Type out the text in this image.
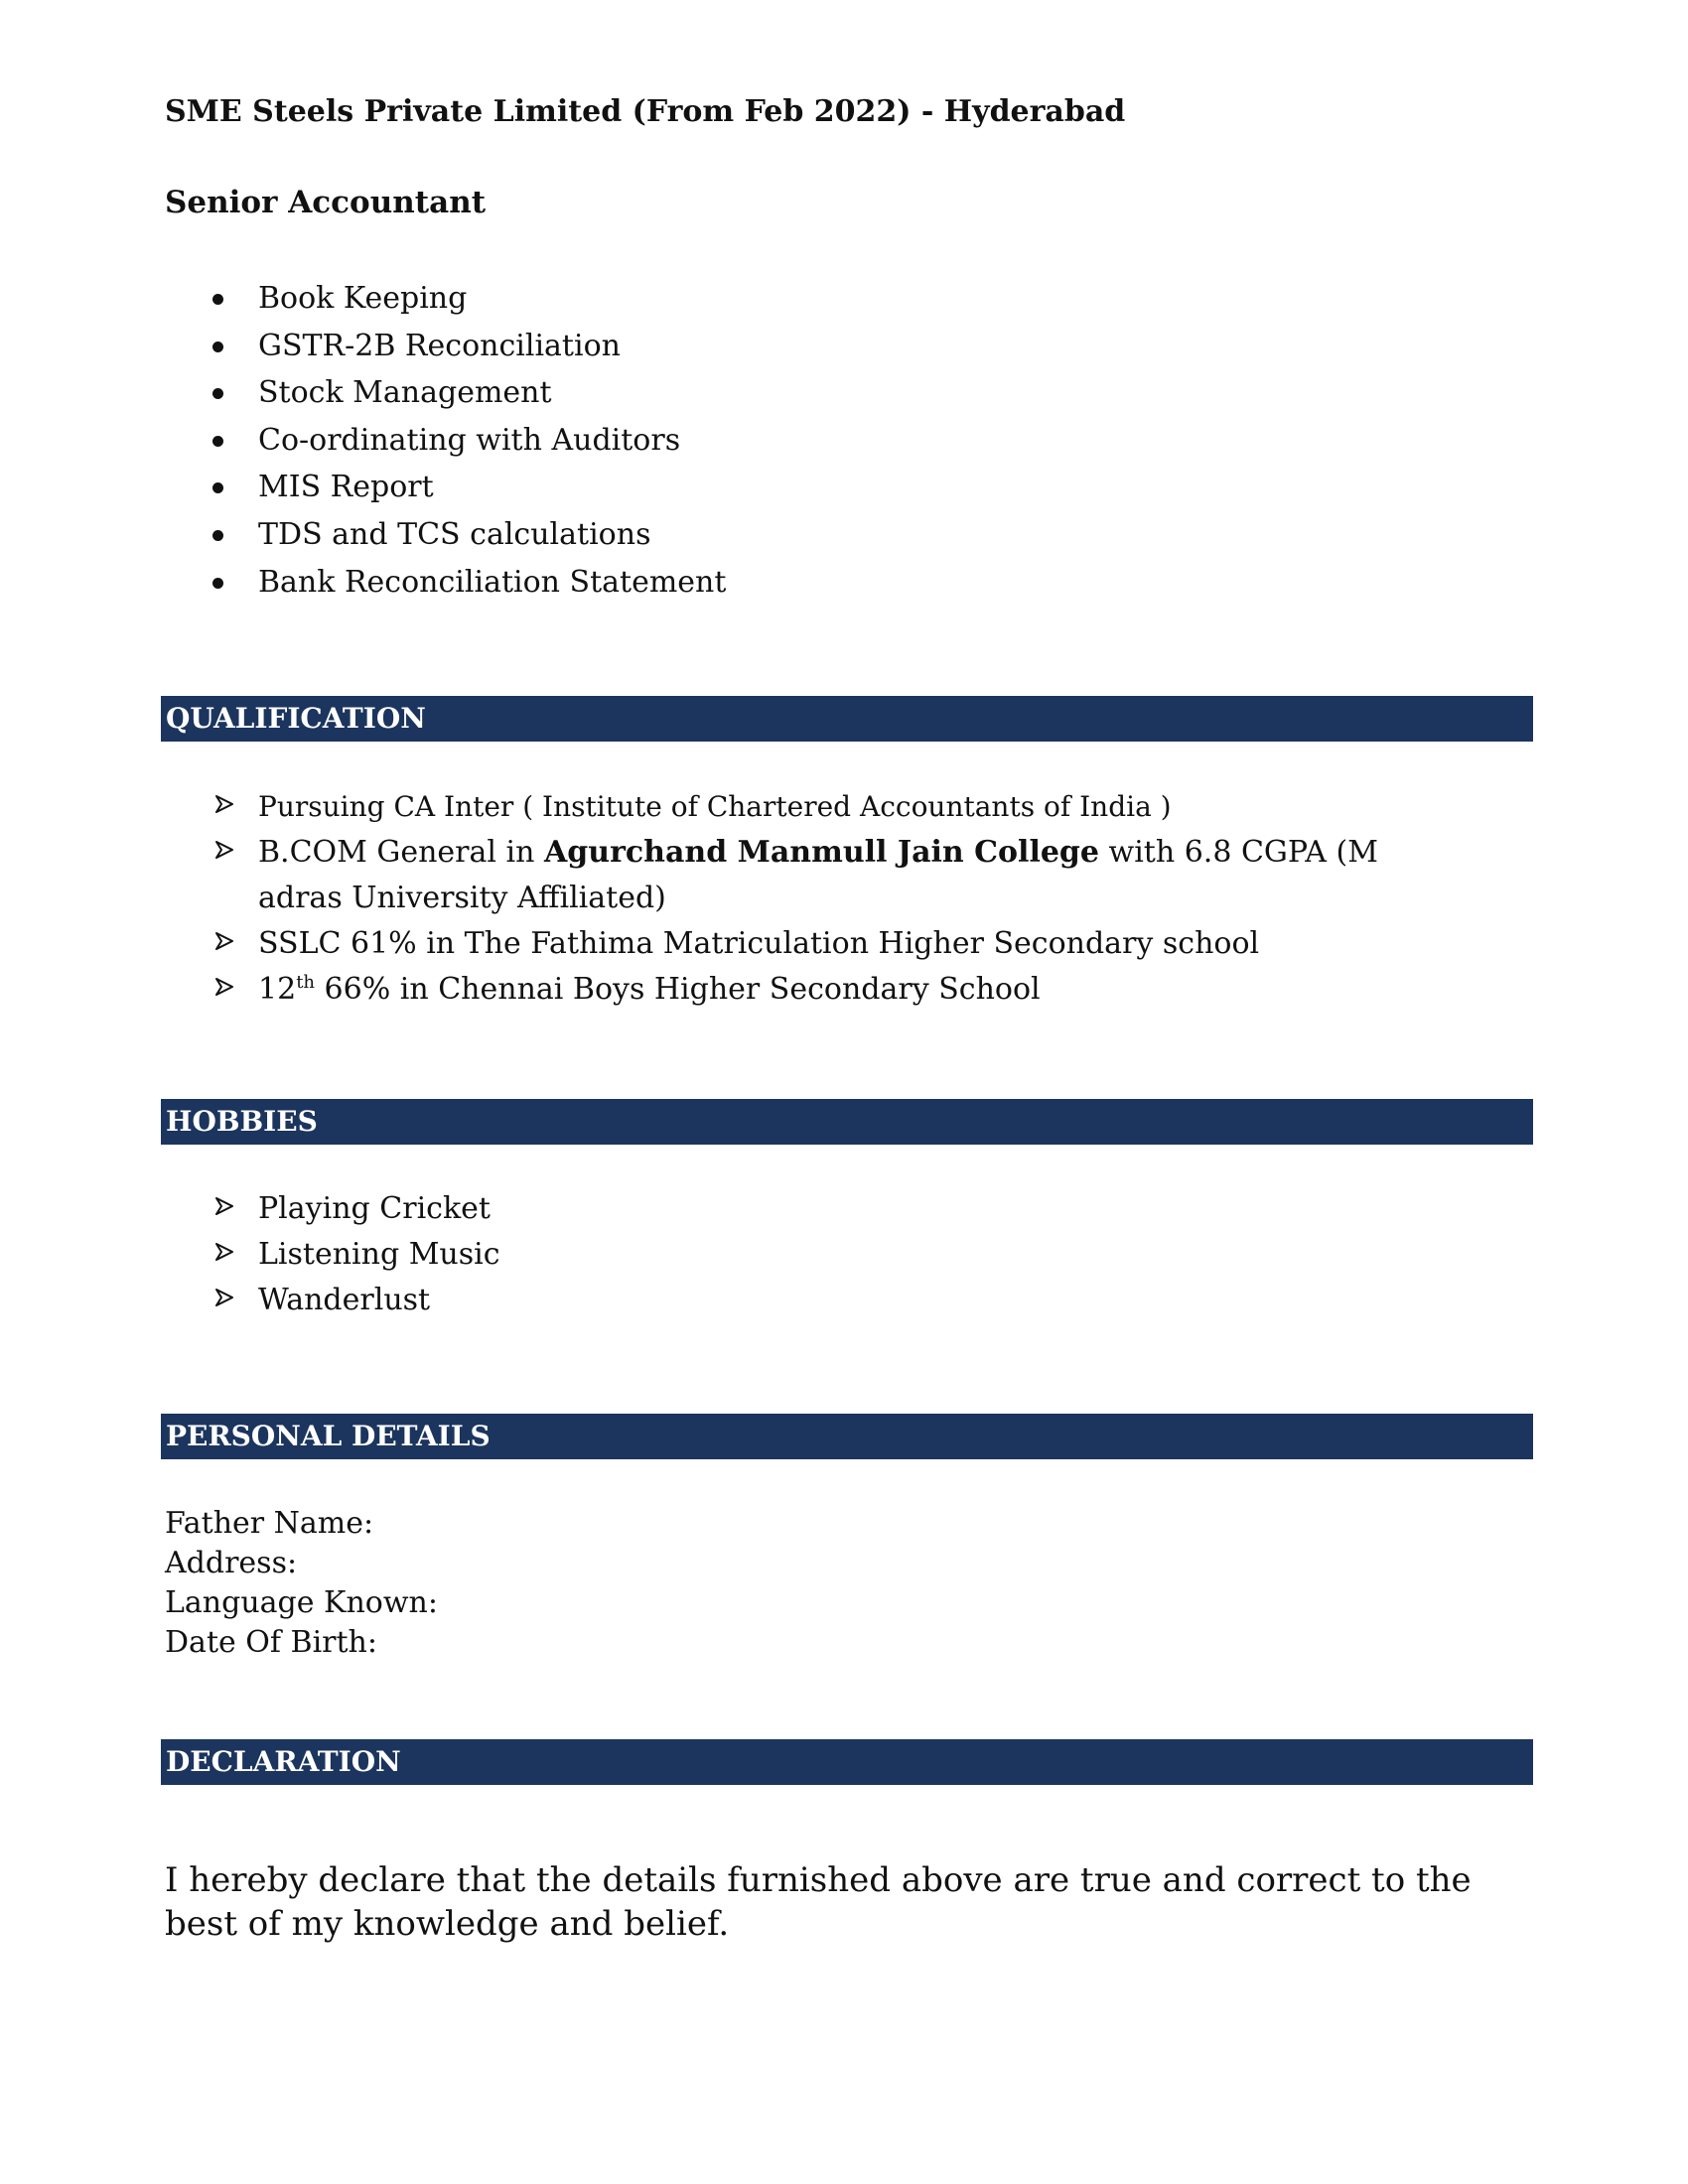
SME Steels Private Limited (From Feb 2022) - Hyderabad
Senior Accountant
Book Keeping
GSTR-2B Reconciliation
Stock Management
Co-ordinating with Auditors
MIS Report
TDS and TCS calculations
Bank Reconciliation Statement
QUALIFICATION
Pursuing CA Inter ( Institute of Chartered Accountants of India )
B.COM General in Agurchand Manmull Jain College with 6.8 CGPA (M adras University Affiliated)
SSLC 61% in The Fathima Matriculation Higher Secondary school
12th 66% in Chennai Boys Higher Secondary School
HOBBIES
Playing Cricket
Listening Music
Wanderlust
PERSONAL DETAILS
Father Name:
Address:
Language Known:
Date Of Birth:
DECLARATION
I hereby declare that the details furnished above are true and correct to the best of my knowledge and belief.
